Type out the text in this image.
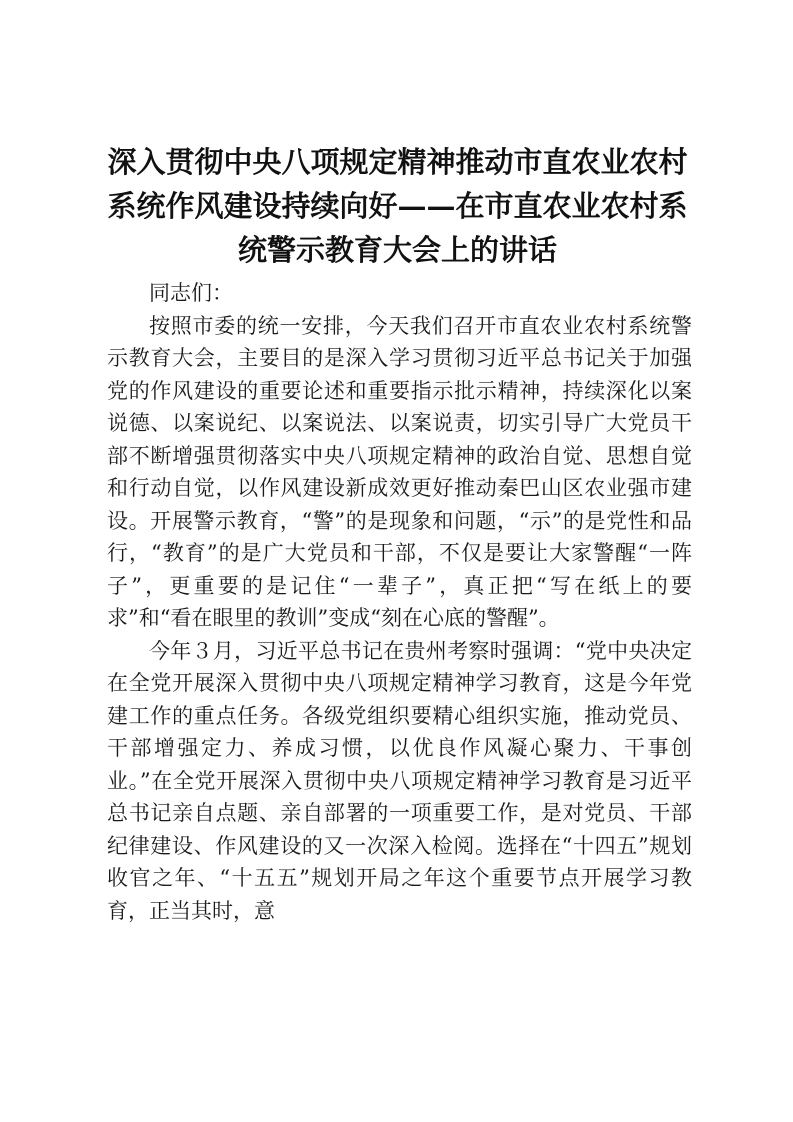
深入贯彻中央八项规定精神推动市直农业农村系统作风建设持续向好——在市直农业农村系统警示教育大会上的讲话

同志们：

按照市委的统一安排，今天我们召开市直农业农村系统警示教育大会，主要目的是深入学习贯彻习近平总书记关于加强党的作风建设的重要论述和重要指示批示精神，持续深化以案说德、以案说纪、以案说法、以案说责，切实引导广大党员干部不断增强贯彻落实中央八项规定精神的政治自觉、思想自觉和行动自觉，以作风建设新成效更好推动秦巴山区农业强市建设。开展警示教育，“警”的是现象和问题，“示”的是党性和品行，“教育”的是广大党员和干部，不仅是要让大家警醒“一阵子”，更重要的是记住“一辈子”，真正把“写在纸上的要求”和“看在眼里的教训”变成“刻在心底的警醒”。

今年３月，习近平总书记在贵州考察时强调：“党中央决定在全党开展深入贯彻中央八项规定精神学习教育，这是今年党建工作的重点任务。各级党组织要精心组织实施，推动党员、干部增强定力、养成习惯，以优良作风凝心聚力、干事创业。”在全党开展深入贯彻中央八项规定精神学习教育是习近平总书记亲自点题、亲自部署的一项重要工作，是对党员、干部纪律建设、作风建设的又一次深入检阅。选择在“十四五”规划收官之年、“十五五”规划开局之年这个重要节点开展学习教育，正当其时，意
